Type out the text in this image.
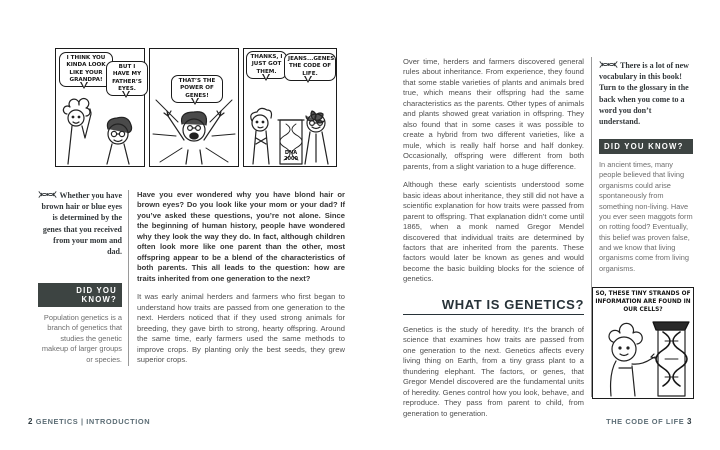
I THINK YOU KINDA LOOK LIKE YOUR GRANDPA!
BUT I HAVE MY FATHER’S EYES.
THAT’S THE POWER OF GENES!
THANKS, I JUST GOT THEM.
JEANS...GENES. THE CODE OF LIFE.
DNA 2000
Whether you have brown hair or blue eyes is determined by the genes that you received from your mom and dad.
DID YOU KNOW?
Population genetics is a branch of genetics that studies the genetic makeup of larger groups or species.

Have you ever wondered why you have blond hair or brown eyes? Do you look like your mom or your dad? If you’ve asked these questions, you’re not alone. Since the beginning of human history, people have wondered why they look the way they do. In fact, although children often look more like one parent than the other, most offspring appear to be a blend of the characteristics of both parents. This all leads to the question: how are traits inherited from one generation to the next?

It was early animal herders and farmers who first began to understand how traits are passed from one generation to the next. Herders noticed that if they used strong animals for breeding, they gave birth to strong, hearty offspring. Around the same time, early farmers used the same methods to improve crops. By planting only the best seeds, they grew superior crops.

2 GENETICS | INTRODUCTION

Over time, herders and farmers discovered general rules about inheritance. From experience, they found that some stable varieties of plants and animals bred true, which means their offspring had the same characteristics as the parents. Other types of animals and plants showed great variation in offspring. They also found that in some cases it was possible to create a hybrid from two different varieties, like a mule, which is really half horse and half donkey. Occasionally, offspring were different from both parents, from a slight variation to a huge difference.

Although these early scientists understood some basic ideas about inheritance, they still did not have a scientific explanation for how traits were passed from parent to offspring. That explanation didn’t come until 1865, when a monk named Gregor Mendel discovered that individual traits are determined by factors that are inherited from the parents. These factors would later be known as genes and would become the basic building blocks for the science of genetics.

WHAT IS GENETICS?

Genetics is the study of heredity. It’s the branch of science that examines how traits are passed from one generation to the next. Genetics affects every living thing on Earth, from a tiny grass plant to a thundering elephant. The factors, or genes, that Gregor Mendel discovered are the fundamental units of heredity. Genes control how you look, behave, and reproduce. They pass from parent to child, from generation to generation.

There is a lot of new vocabulary in this book! Turn to the glossary in the back when you come to a word you don’t understand.
DID YOU KNOW?
In ancient times, many people believed that living organisms could arise spontaneously from something non-living. Have you ever seen maggots form on rotting food? Eventually, this belief was proven false, and we know that living organisms come from living organisms.
SO, THESE TINY STRANDS OF INFORMATION ARE FOUND IN OUR CELLS?
THE CODE OF LIFE 3
